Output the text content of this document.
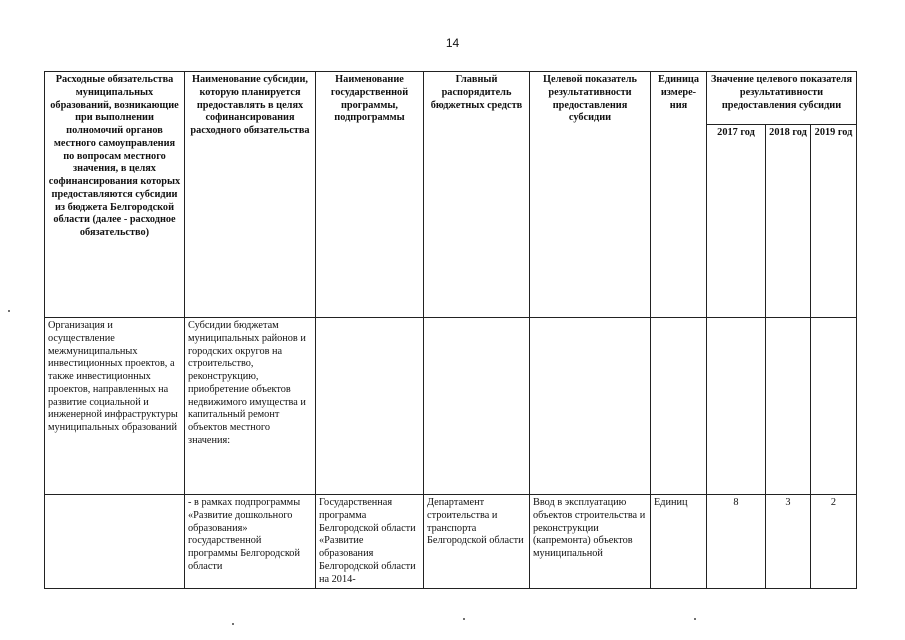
14
Расходные обязательства муниципальных образований, возникающие при выполнении полномочий органов местного самоуправления по вопросам местного значения, в целях софинансирования которых предоставляются субсидии из бюджета Белгородской области (далее - расходное обязательство)	Наименование субсидии, которую планируется предоставлять в целях софинансирования расходного обязательства	Наименование государственной программы, подпрограммы	Главный распорядитель бюджетных средств	Целевой показатель результативности предоставления субсидии	Единица измере-ния	Значение целевого показателя результативности предоставления субсидии		
						2017 год	2018 год	2019 год
Организация и осуществление межмуниципальных инвестиционных проектов, а также инвестиционных проектов, направленных на развитие социальной и инженерной инфраструктуры муниципальных образований	Субсидии бюджетам муниципальных районов и городских округов на строительство, реконструкцию, приобретение объектов недвижимого имущества и капитальный ремонт объектов местного значения:							
	- в рамках подпрограммы «Развитие дошкольного образования» государственной программы Белгородской области	Государственная программа Белгородской области «Развитие образования Белгородской области на 2014-	Департамент строительства и транспорта Белгородской области	Ввод в эксплуатацию объектов строительства и реконструкции (капремонта) объектов муниципальной	Единиц	8	3	2
